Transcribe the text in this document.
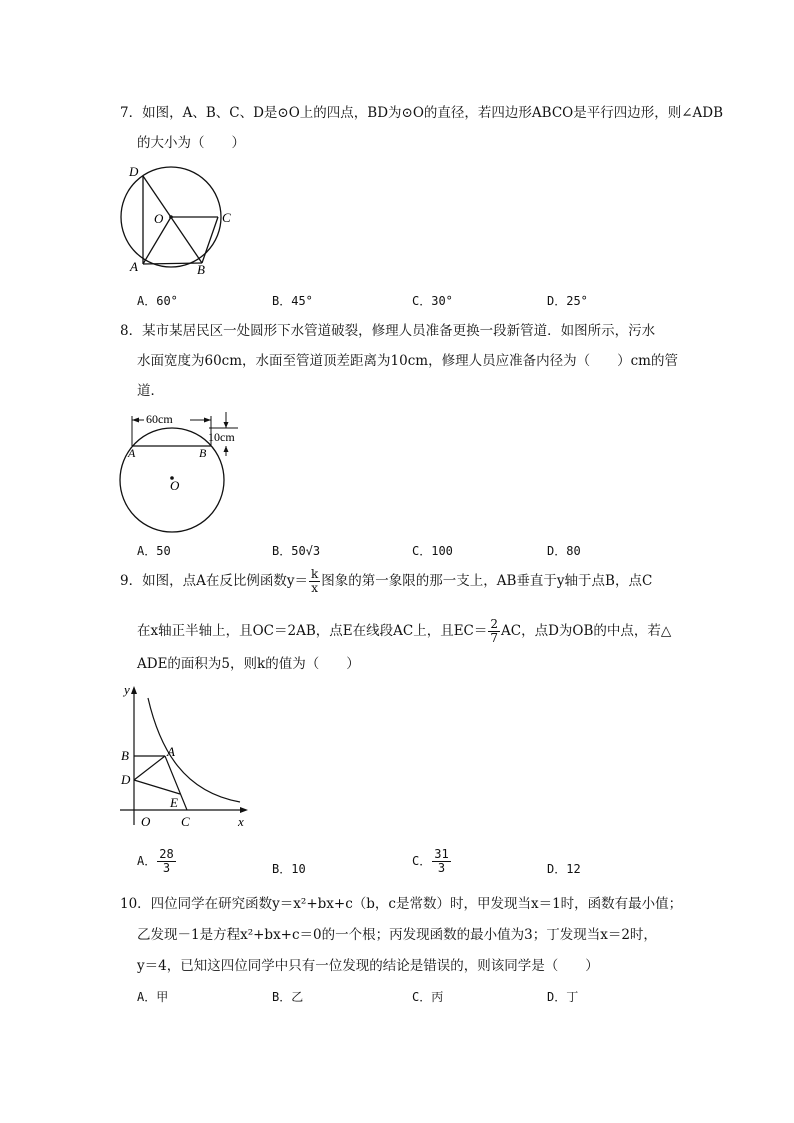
7．如图，A、B、C、D是⊙O上的四点，BD为⊙O的直径，若四边形ABCO是平行四边形，则∠ADB
的大小为（　　）
D
O	C
A	B
A．60°	B．45°	C．30°	D．25°
8．某市某居民区一处圆形下水管道破裂，修理人员准备更换一段新管道．如图所示，污水
水面宽度为60cm，水面至管道顶差距离为10cm，修理人员应准备内径为（　　）cm的管
道．
60cm
10cm
A	B
O
A．50	B．50√3	C．100	D．80
9．如图，点A在反比例函数$y= \frac{k}{x}$ 图象的第一象限的那一支上，AB垂直于y轴于点B，点C
在x轴正半轴上，且OC＝2AB，点E在线段AC上，且$EC= \frac{2}{7}$ AC，点D为OB的中点，若△
ADE的面积为5，则k的值为（　　）
y
B	A
D
E
O C	x
A． $\frac{28}{3}$	B．10
C． $\frac{31}{3}$	D．12
10．四位同学在研究函数y＝x²+bx+c（b，c是常数）时，甲发现当x＝1时，函数有最小值；
乙发现－1是方程x²+bx+c＝0的一个根；丙发现函数的最小值为3；丁发现当x＝2时，
y＝4，已知这四位同学中只有一位发现的结论是错误的，则该同学是（　　）
A．甲	B．乙	C．丙	D．丁
